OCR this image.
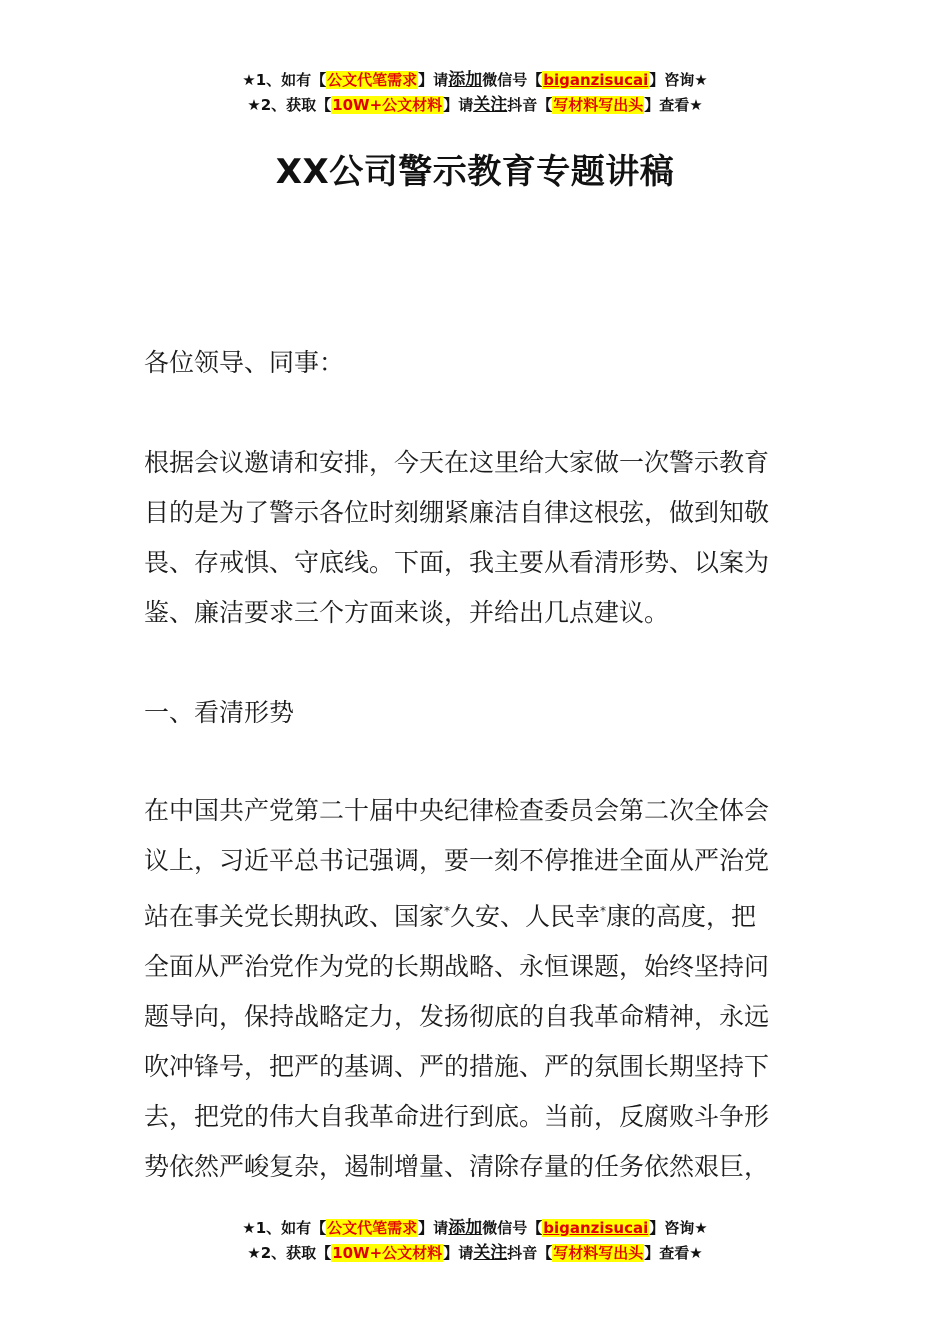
★1、如有【公文代笔需求】请添加微信号【biganzisucai】咨询★
★2、获取【10W+公文材料】请关注抖音【写材料写出头】查看★
XX公司警示教育专题讲稿

各位领导、同事：

根据会议邀请和安排，今天在这里给大家做一次警示教育
目的是为了警示各位时刻绷紧廉洁自律这根弦，做到知敬
畏、存戒惧、守底线。下面，我主要从看清形势、以案为
鉴、廉洁要求三个方面来谈，并给出几点建议。

一、看清形势

在中国共产党第二十届中央纪律检查委员会第二次全体会
议上，习近平总书记强调，要一刻不停推进全面从严治党
站在事关党长期执政、国家*久安、人民幸*康的高度，把
全面从严治党作为党的长期战略、永恒课题，始终坚持问
题导向，保持战略定力，发扬彻底的自我革命精神，永远
吹冲锋号，把严的基调、严的措施、严的氛围长期坚持下
去，把党的伟大自我革命进行到底。当前，反腐败斗争形
势依然严峻复杂，遏制增量、清除存量的任务依然艰巨，
★1、如有【公文代笔需求】请添加微信号【biganzisucai】咨询★
★2、获取【10W+公文材料】请关注抖音【写材料写出头】查看★
